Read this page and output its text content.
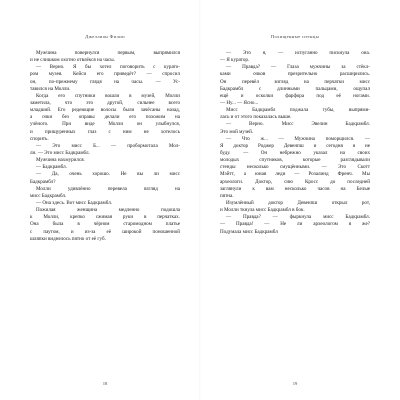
Джеллиан Филип
Мужчина повернулся первым, выпрямился
и не слишком охотно отвлёкся на часы.
— Верно. Я бы хотел поговорить с курато-
ром музея. Кейси его приведёт? — спросил
он, по-прежнему глядя на часы. — Ус-
тавился на Молли.
Когда его спутники вошли в музей, Молли
заметила, что это другой, сильнее всего
младший. Его редеющие волосы были зачёсаны назад,
а очки без оправы делали его похожим на
учёного. При виде Молли он улыбнулся,
и прищуренных глаз с ним не хотелось
спорить.
— Это мисс Б... — пробормотала Мол-
ли. — Это мисс Бадкрамбл.
Мужчина нахмурился.
— Бадкрамбл.
— Да, очень хорошо. Не вы ли мисс
Бадкрамбл?
Молли удивлённо перевела взгляд на
мисс Бадкрамбл.
— Она здесь. Вот мисс Бадкрамбл.
Пожилая женщина медленно подошла
к Молли, крепко сжимая руки в перчатках.
Она была в чёрном старомодном платье
с паутом, и из-за её широкой поношенной
шляпки виднелось пятно от её губ.
18
Похищенные птенцы
— Это я, — испуганно пискнула она.
— Я куратор.
— Правда? — Глаза мужчины за стёкл-
ками очков презрительно расширились.
Он перевёл взгляд на перчатки мисс
Бадкрамбл с длинными пальцами, ощупал
ещё и осколки фарфора под её ногами.
— Ну... — Ясно...
Мисс Бадкрамбл поджала губы, выпрями-
лась и от этого показалась выше.
— Верно. Мисс Эвелин Бадкрамбл.
Это мой музей.
— Что ж... — Мужчина поморщился. —
Я доктор Роджер Девенпш и сегодня я не
буду. — Он небрежно указал на своих
молодых спутников, которые разглядывали
стенды несколько смущёнными. — Это Скотт
Мэйтт, а юная леди — Розалинд Френч. Мы
археологи. Доктор, сию Кросс до последней
заглянули к вам несколько часов на Белые
пятна.
Изумлённый доктор Девенпш открыл рот,
и Молли ткнула мисс Бадкрамбл в бок.
— Правда? — фыркнула мисс Бадкрамбл.
— Правда! — Не ли археологом я же?
Подумала мисс Бадкрамбл
19
